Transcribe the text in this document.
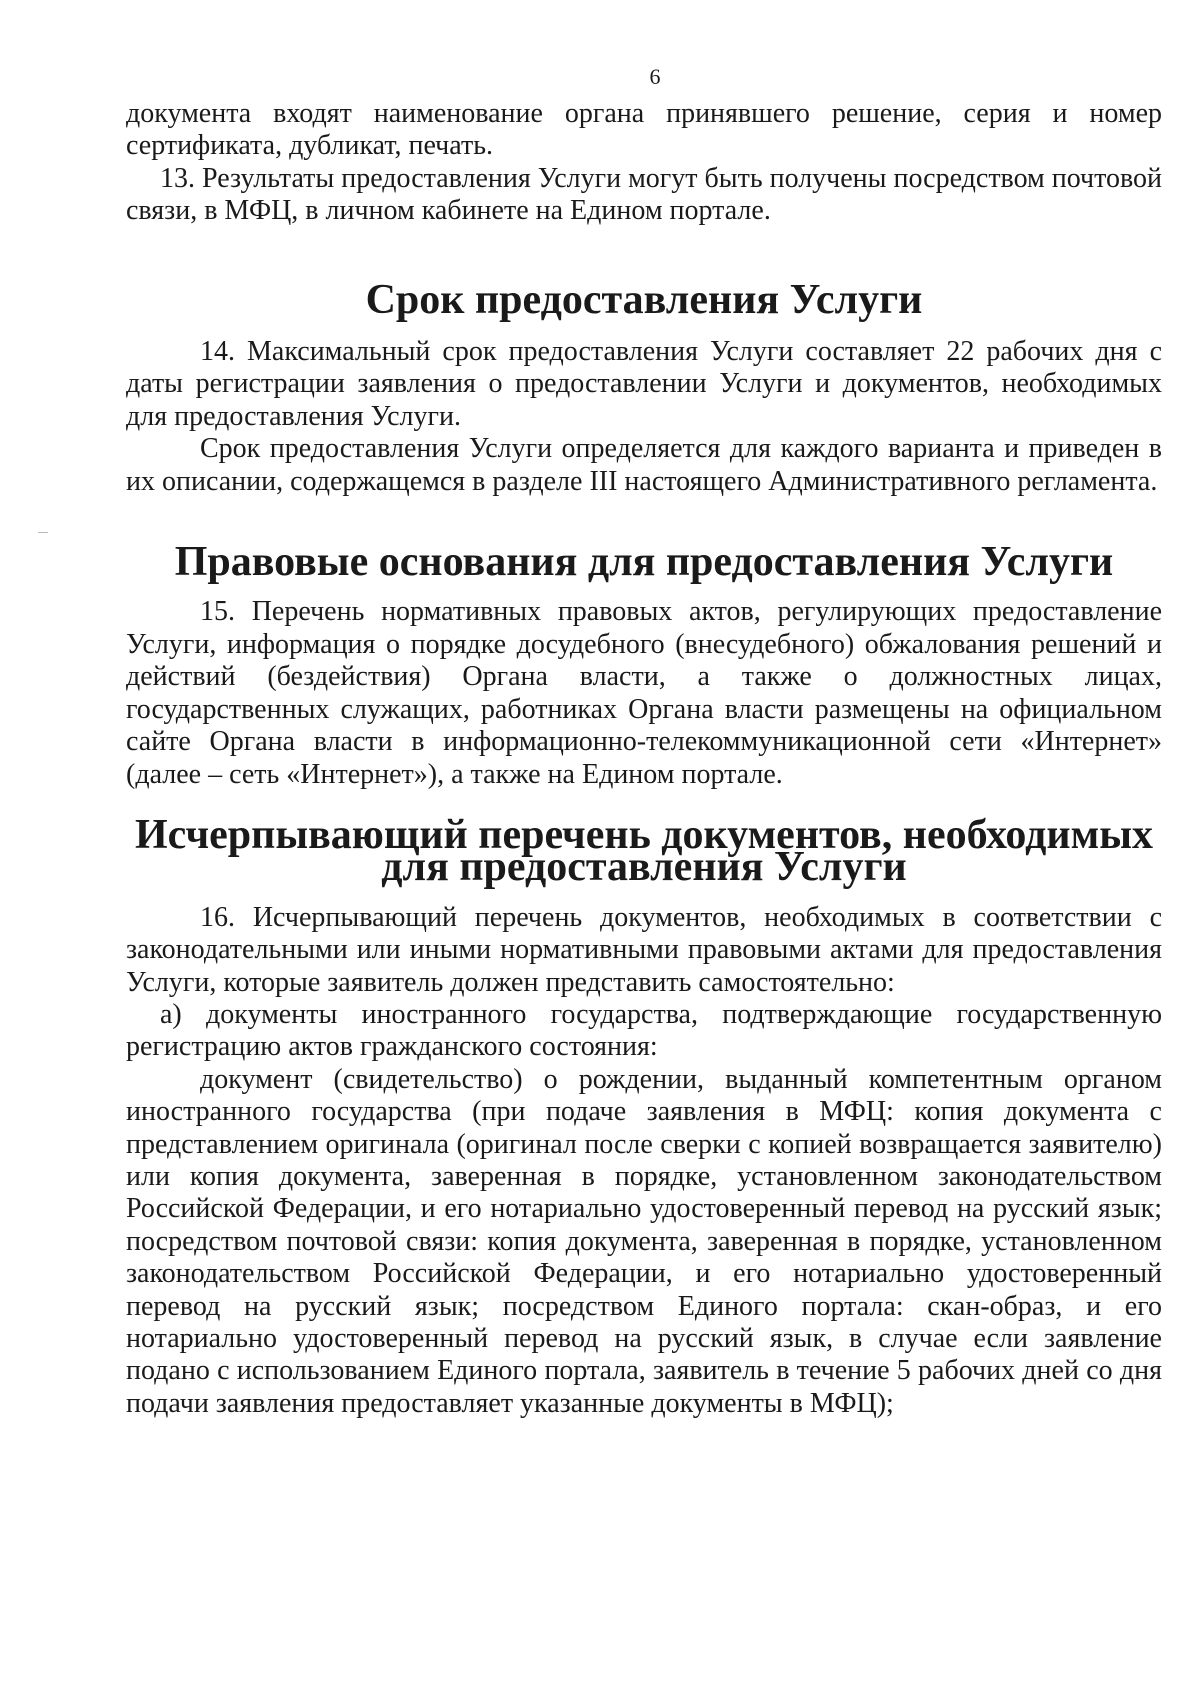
6

документа входят наименование органа принявшего решение, серия и номер сертификата, дубликат, печать.

13. Результаты предоставления Услуги могут быть получены посредством почтовой связи, в МФЦ, в личном кабинете на Едином портале.

Срок предоставления Услуги

14. Максимальный срок предоставления Услуги составляет 22 рабочих дня с даты регистрации заявления о предоставлении Услуги и документов, необходимых для предоставления Услуги.

Срок предоставления Услуги определяется для каждого варианта и приведен в их описании, содержащемся в разделе III настоящего Административного регламента.

Правовые основания для предоставления Услуги

15. Перечень нормативных правовых актов, регулирующих предоставление Услуги, информация о порядке досудебного (внесудебного) обжалования решений и действий (бездействия) Органа власти, а также о должностных лицах, государственных служащих, работниках Органа власти размещены на официальном сайте Органа власти в информационно-телекоммуникационной сети «Интернет» (далее – сеть «Интернет»), а также на Едином портале.

Исчерпывающий перечень документов, необходимых для предоставления Услуги

16. Исчерпывающий перечень документов, необходимых в соответствии с законодательными или иными нормативными правовыми актами для предоставления Услуги, которые заявитель должен представить самостоятельно:

а) документы иностранного государства, подтверждающие государственную регистрацию актов гражданского состояния:

документ (свидетельство) о рождении, выданный компетентным органом иностранного государства (при подаче заявления в МФЦ: копия документа с представлением оригинала (оригинал после сверки с копией возвращается заявителю) или копия документа, заверенная в порядке, установленном законодательством Российской Федерации, и его нотариально удостоверенный перевод на русский язык; посредством почтовой связи: копия документа, заверенная в порядке, установленном законодательством Российской Федерации, и его нотариально удостоверенный перевод на русский язык; посредством Единого портала: скан-образ, и его нотариально удостоверенный перевод на русский язык, в случае если заявление подано с использованием Единого портала, заявитель в течение 5 рабочих дней со дня подачи заявления предоставляет указанные документы в МФЦ);
